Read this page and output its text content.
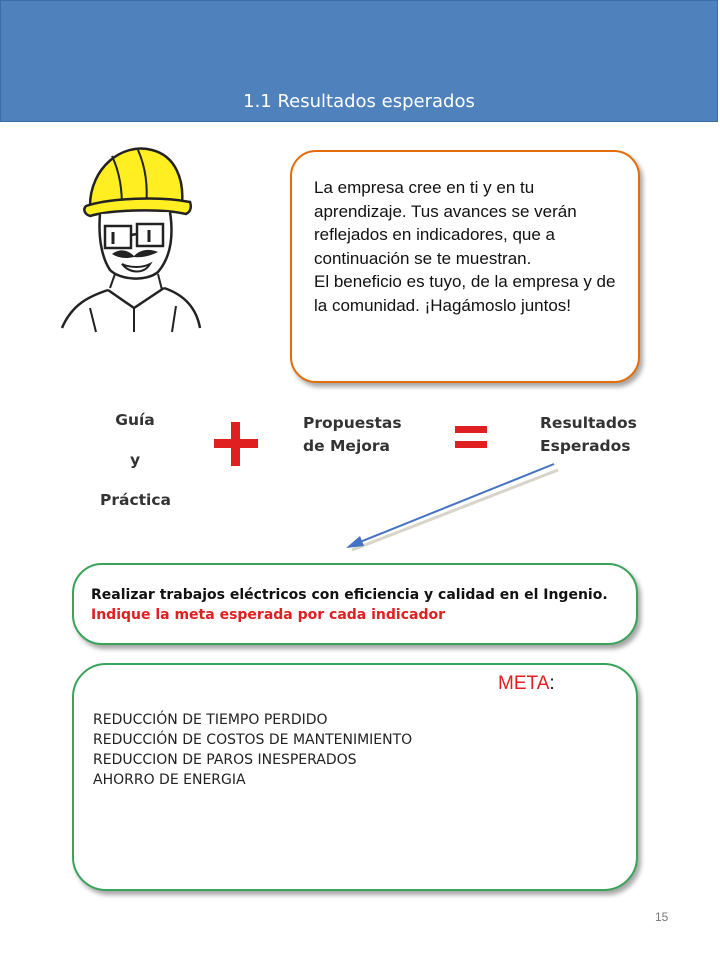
1.1 Resultados esperados

La empresa cree en ti y en tu aprendizaje. Tus avances se verán reflejados en indicadores, que a continuación se te muestran.

El beneficio es tuyo, de la empresa y de la comunidad. ¡Hagámoslo juntos!

Guía
y
Práctica
Propuestas
de Mejora
Resultados
Esperados
Realizar trabajos eléctricos con eficiencia y calidad en el Ingenio.
Indique la meta esperada por cada indicador
META:
REDUCCIÓN DE TIEMPO PERDIDO
REDUCCIÓN DE COSTOS DE MANTENIMIENTO
REDUCCION DE PAROS INESPERADOS
AHORRO DE ENERGIA
15
